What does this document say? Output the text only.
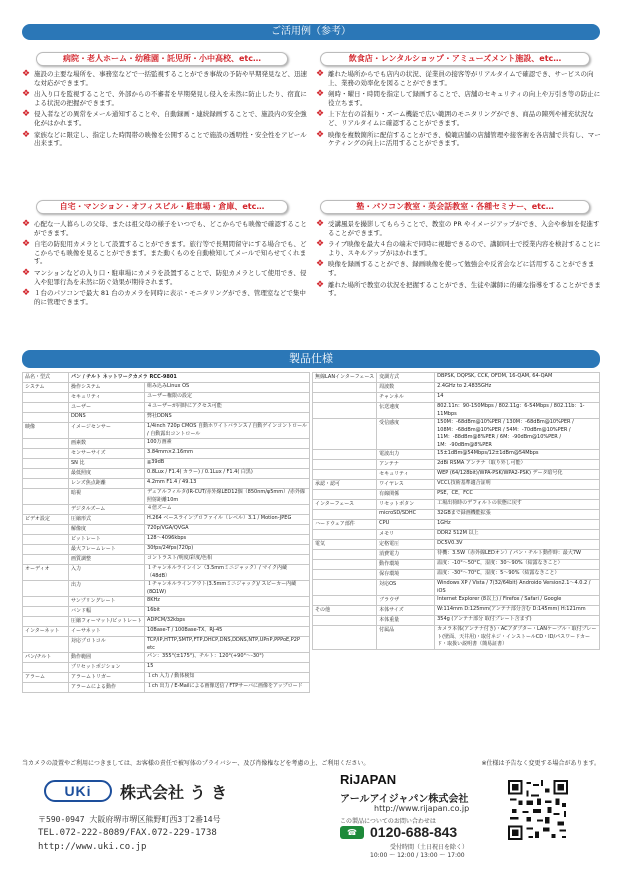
ご活用例（参考）
病院・老人ホーム・幼稚園・託児所・小中高校、etc…
❖ 施設の主要な場所を、事務室などで一括監視することができ事故の予防や早期発見など、迅速な対応ができます。
❖ 出入り口を監視することで、外部からの不審者を早期発見し侵入を未然に防止したり、宿直による状況の把握ができます。
❖ 侵入者などの異常をメール通知することや、自動録画・連続録画することで、施設内の安全強化がはかれます。
❖ 家族などに限定し、指定した時間帯の映像を公開することで施設の透明性・安全性をアピール出来ます。
飲食店・レンタルショップ・アミューズメント施設、etc…
❖ 離れた場所からでも店内の状況、従業員の接客等がリアルタイムで確認でき、サービスの向上、業務の効率化を図ることができます。
❖ 剣時・曜日・時間を指定して録画することで、店舗のセキュリティの向上や万引き等の防止に役立ちます。
❖ 上下左右の首振り・ズーム機能で広い範囲のモニタリングができ、商品の陳列や補充状況など、リアルタイムに確認することができます。
❖ 映像を複数箇所に配信することができ、模範店舗の店舗管理や接客術を各店舗で共有し、マーケティングの向上に活用することができます。
自宅・マンション・オフィスビル・駐車場・倉庫、etc…
❖ 心配な一人暮らしの父母、または祖父母の様子をいつでも、どこからでも映像で確認することができます。
❖ 自宅の防犯用カメラとして設置することができます。旅行等で長期間留守にする場合でも、どこからでも映像を見ることができます。また動くものを自動検知してメールで知らせてくれます。
❖ マンションなどの入り口・駐車場にカメラを設置することで、防犯カメラとして使用でき、侵入や犯罪行為を未然に防ぐ効果が期待されます。
❖ １台のパソコンで最大 81 台のカメラを同時に表示・モニタリングができ、管理室などで集中的に管理できます。
塾・パソコン教室・英会話教室・各種セミナー、etc…
❖ 受講風景を撮影してもらうことで、教室の PR やイメージアップができ、入会や参加を促進することができます。
❖ ライブ映像を最大４台の端末で同時に視聴できるので、講師同士で授業内容を検討することにより、スキルアップがはかれます。
❖ 映像を録画することができ、録画映像を使って勉強会や反省会などに活用することができます。
❖ 離れた場所で教室の状況を把握することができ、生徒や講師に的確な指導をすることができます。
製品仕様
品名・型式	パン / チルト ネットワークカメラ RCC-9801	
システム	操作システム	組み込みLinux OS
	セキュリティ	ユーザー権限の設定
	ユーザー	４ユーザーが同時にアクセス可能
	DDNS	弊社DDNS
映像	イメージセンサー	1/4inch 720p CMOS 自動ホワイトバランス / 自動ゲインコントロール / 自動露出コントロール
	画素数	100万画素
	センサーサイズ	3.84mm×2.16mm
	SN 比	≧39dB
	最低照度	0.8Lux / F1.4( カラー) / 0.1Lux / F1.4( 白黒)
	レンズ焦点距離	4.2mm F1.4 / 49.13
	暗視	デュアルフィルタ(IR-CUT/赤外線LED12個（850nm/φ5mm）/赤外線照射距離10m
	デジタルズーム	４倍ズーム
ビデオ設定	圧縮形式	H.264 ベースラインプロファイル（レベル）3.1 / Motion-JPEG
	解像度	720p/VGA/QVGA
	ビットレート	128〜4096kbps
	最大フレームレート	30fps/24fps(720p)
	画質調整	コントラスト/明度/彩度/色相
オーディオ	入力	１チャンネルラインイン（3.5mmミニジャック）/ マイク内蔵（48dB）
	出力	１チャンネルラインアウト(3.5mmミニジャック)/ スピーカー内蔵(8Ω1W)
	サンプリングレート	8KHz
	バンド幅	16bit
	圧縮フォーマット/ビットレート	ADPCM/32kbps
インターネット	イーサネット	10Base-T / 100Base-TX、RJ-45
	対応プロトコル	TCP/IP,HTTP,SMTP,FTP,DHCP,DNS,DDNS,NTP,UPnP,PPPoE,P2P etc
パン/チルト	動作範囲	パン：355°(±175°)、チルト：120°(+90°〜-30°)
	プリセットポジション	15
アラーム	アラームトリガー	１ch 入力 / 動体検知
	アラームによる動作	１ch 出力 / E-Mailによる画像送信 / FTPサーバに画像をアップロード
無線LANインターフェース	変調方式	DBPSK, DQPSK, CCK, OFDM, 16-QAM, 64-QAM
	周波数	2.4GHz to 2.4835GHz
	チャンネル	14
	伝送速度	802.11n：90-150Mbps / 802.11g：6-54Mbps / 802.11b：1-11Mbps
	受信感度	150M：-68dBm@10%PER / 130M：-68dBm@10%PER / 108M：-68dBm@10%PER / 54M：-70dBm@10%PER / 11M：-88dBm@8%PER / 6M：-90dBm@10%PER / 1M：-90dBm@8%PER
	電波出力	15±1dBm@54Mbps/12±1dBm@54Mbps
	アンテナ	2dBi RSMA アンテナ（取り外し可能）
	セキュリティ	WEP (64/128bit)/WPA-PSK/WPA2-PSK) データ暗号化
承認・認可	ワイヤレス	VCCI,技術基準適合証明
	有線関係	PSE，CE，FCC
インターフェース	リセットボタン	工場出荷時のデフォルトの状態に戻す
	microSD/SDHC	32GBまで録画機能拡張
ハードウェア部件	CPU	1GHz
	メモリ	DDR2 512M 以上
電気	定格電圧	DC5V0.3V
	消費電力	待機：3.5W（赤外線LEDオン）/ パン・チルト動作時：最大7W
	動作環境	温度：-10°〜50°C，湿度：30〜90%（結露なきこと）
	保存環境	温度：-30°〜70°C，湿度：5〜90%（結露なきこと）
	対応OS	Windows XP / Vista / 7(32/64bit) Androido Version2.1〜4.0.2 / iOS
	ブラウザ	Internet Explorer (8以上) / Firefox / Safari / Google
その他	本体サイズ	W:114mm D:125mm(アンテナ部分含む D:145mm) H:121mm
	本体重量	354g (アンテナ部分 取付ブレート含まず)
	付属品	カメラ本体(アンテナ付き)・ACアダプター・LANケーブル・取付プレート(壁面、天井用)・取付ネジ・インストールCD・ID/パスワードカード・取扱い説明書（簡易証書）
当カメラの設置やご利用につきましては、お客様の責任で被写体のプライバシー、及び肖像権などを考慮の上、ご利用ください。	※仕様は予告なく変更する場合があります。
UKi	株式会社 う き
〒590-0947 大阪府堺市堺区熊野町西3丁2番14号
TEL.072-222-8089/FAX.072-229-1738
http://www.uki.co.jp
RiJAPAN
アールアイジャパン株式会社
http://www.rijapan.co.jp
この製品についてのお問い合わせは
☎ 0120-688-843
受付時間（土日祝日を除く）
10:00 〜 12:00 / 13:00 〜 17:00
